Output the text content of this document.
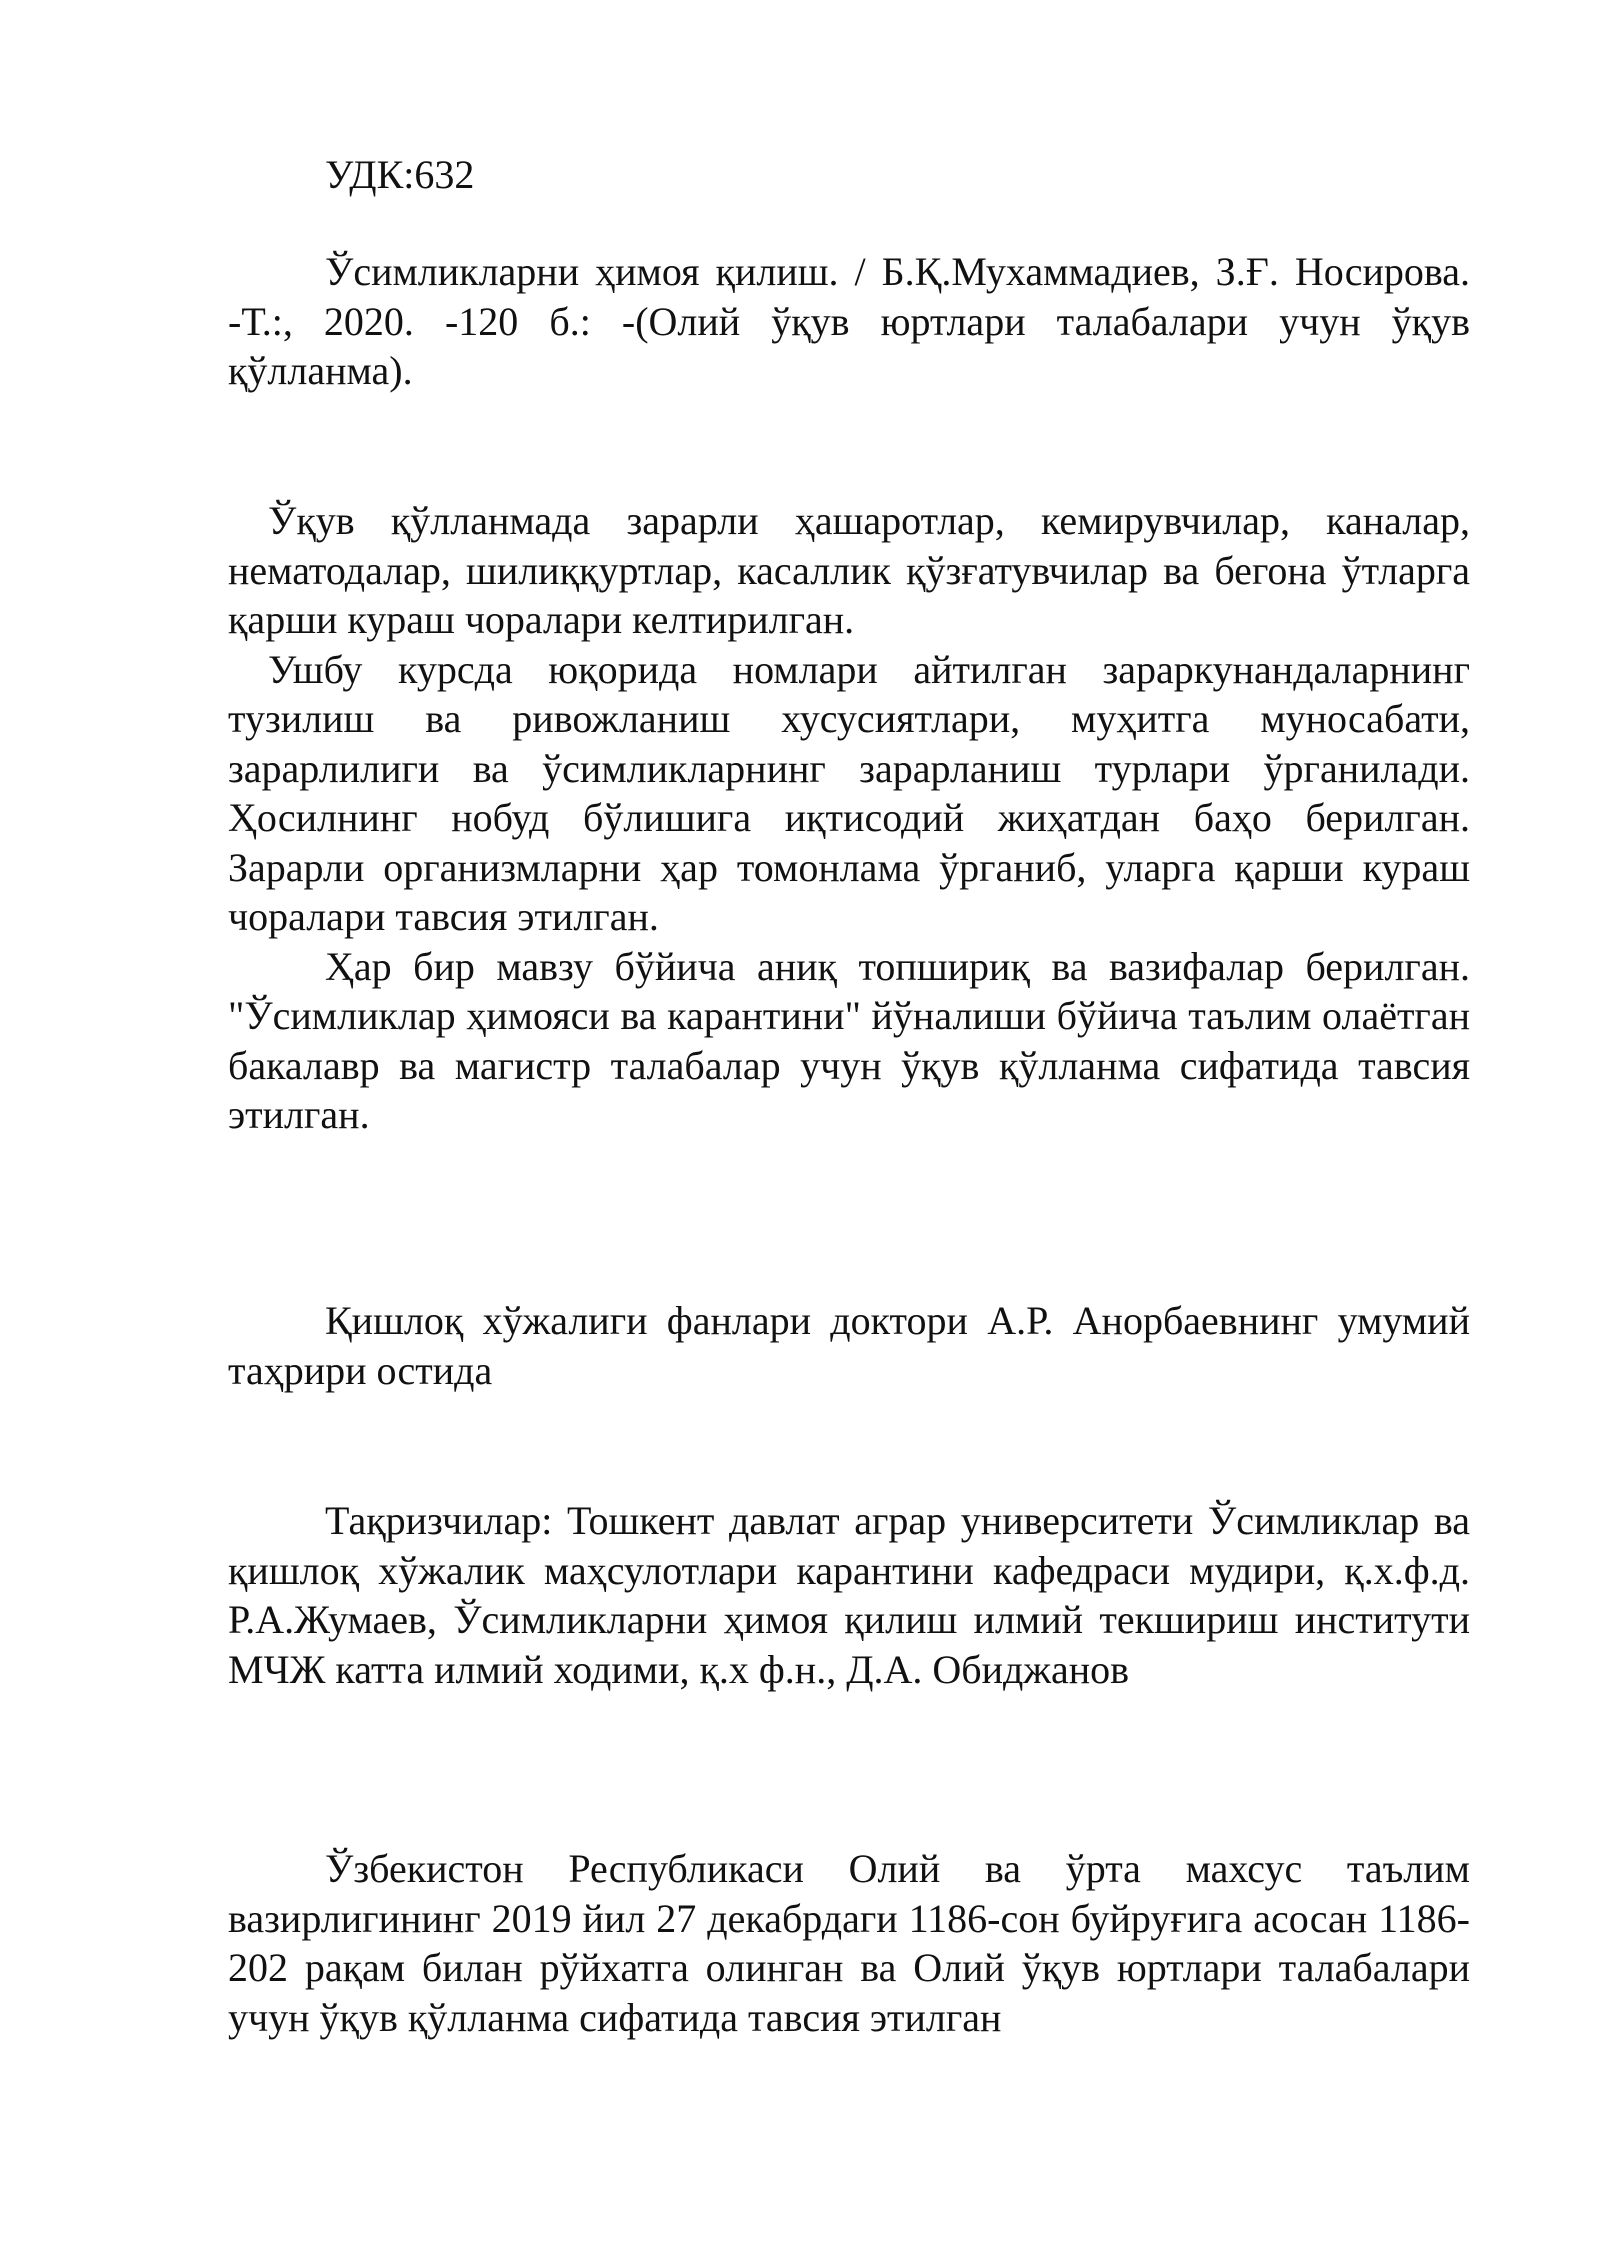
УДК:632

Ўсимликларни ҳимоя қилиш. / Б.Қ.Мухаммадиев, З.Ғ. Носирова. -Т.:, 2020. -120 б.: -(Олий ўқув юртлари талабалари учун ўқув қўлланма).

Ўқув қўлланмада зарарли ҳашаротлар, кемирувчилар, каналар, нематодалар, шилиққуртлар, касаллик қўзғатувчилар ва бегона ўтларга қарши кураш чоралари келтирилган.

Ушбу курсда юқорида номлари айтилган зараркунандаларнинг тузилиш ва ривожланиш хусусиятлари, муҳитга муносабати, зарарлилиги ва ўсимликларнинг зарарланиш турлари ўрганилади. Ҳосилнинг нобуд бўлишига иқтисодий жиҳатдан баҳо берилган. Зарарли организмларни ҳар томонлама ўрганиб, уларга қарши кураш чоралари тавсия этилган.

Ҳар бир мавзу бўйича аниқ топшириқ ва вазифалар берилган. "Ўсимликлар ҳимояси ва карантини" йўналиши бўйича таълим олаётган бакалавр ва магистр талабалар учун ўқув қўлланма сифатида тавсия этилган.

Қишлоқ хўжалиги фанлари доктори А.Р. Анорбаевнинг умумий таҳрири остида

Тақризчилар: Тошкент давлат аграр университети Ўсимликлар ва қишлоқ хўжалик маҳсулотлари карантини кафедраси мудири, қ.х.ф.д. Р.А.Жумаев, Ўсимликларни ҳимоя қилиш илмий текшириш институти МЧЖ катта илмий ходими, қ.х ф.н., Д.А. Обиджанов

Ўзбекистон Республикаси Олий ва ўрта махсус таълим вазирлигининг 2019 йил 27 декабрдаги 1186-сон буйруғига асосан 1186-202 рақам билан рўйхатга олинган ва Олий ўқув юртлари талабалари учун ўқув қўлланма сифатида тавсия этилган
